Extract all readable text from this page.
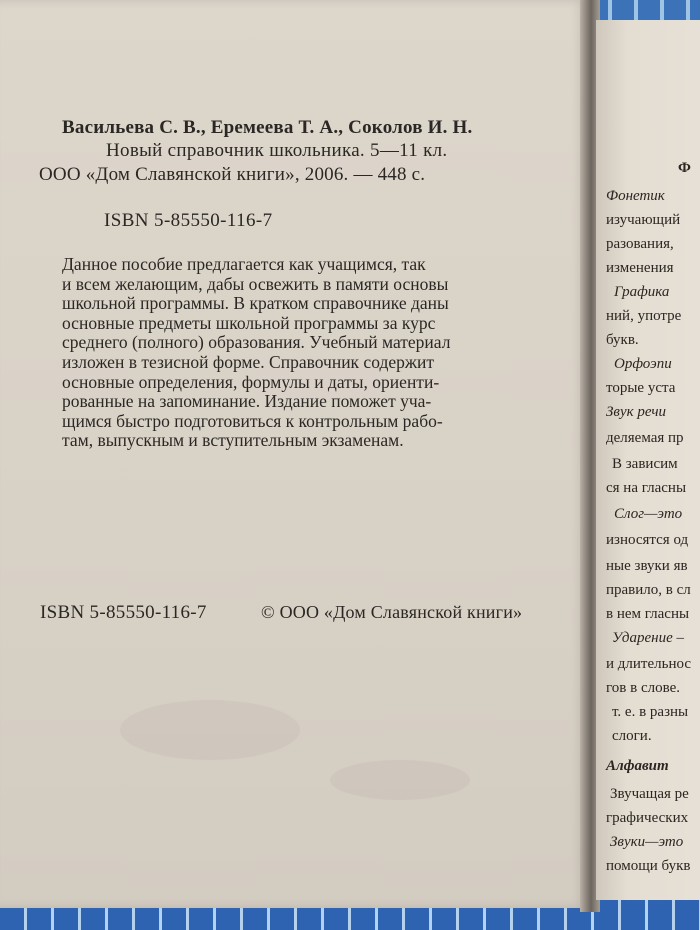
Васильева С. В., Еремеева Т. А., Соколов И. Н.
Новый справочник школьника. 5—11 кл.
ООО «Дом Славянской книги», 2006. — 448 с.
ISBN 5-85550-116-7
Данное пособие предлагается как учащимся, так
и всем желающим, дабы освежить в памяти основы
школьной программы. В кратком справочнике даны
основные предметы школьной программы за курс
среднего (полного) образования. Учебный материал
изложен в тезисной форме. Справочник содержит
основные определения, формулы и даты, ориенти-
рованные на запоминание. Издание поможет уча-
щимся быстро подготовиться к контрольным рабо-
там, выпускным и вступительным экзаменам.
ISBN 5-85550-116-7	© ООО «Дом Славянской книги»
Ф
Фонетик
изучающий
разования,
изменения
Графика
ний, употре
букв.
Орфоэпи
торые уста
Звук речи
деляемая пр
В зависим
ся на гласны
Слог—это
износятся од
ные звуки яв
правило, в сл
в нем гласны
Ударение –
и длительнос
гов в слове.
т. е. в разны
слоги.
Алфавит
Звучащая ре
графических
Звуки—это
помощи букв
